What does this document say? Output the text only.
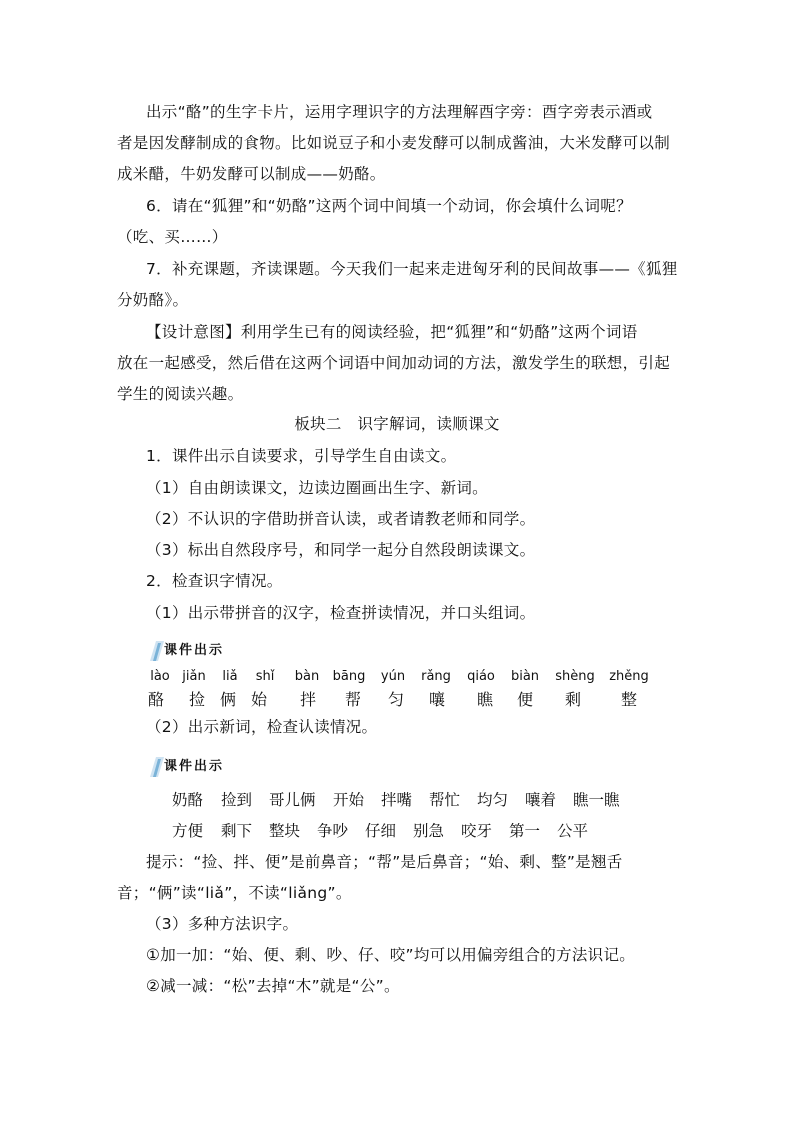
出示“酪”的生字卡片，运用字理识字的方法理解酉字旁：酉字旁表示酒或
者是因发酵制成的食物。比如说豆子和小麦发酵可以制成酱油，大米发酵可以制
成米醋，牛奶发酵可以制成——奶酪。
6．请在“狐狸”和“奶酪”这两个词中间填一个动词，你会填什么词呢？
（吃、买……）
7．补充课题，齐读课题。今天我们一起来走进匈牙利的民间故事——《狐狸
分奶酪》。
【设计意图】利用学生已有的阅读经验，把“狐狸”和“奶酪”这两个词语
放在一起感受，然后借在这两个词语中间加动词的方法，激发学生的联想，引起
学生的阅读兴趣。
板块二　识字解词，读顺课文
1．课件出示自读要求，引导学生自由读文。
（1）自由朗读课文，边读边圈画出生字、新词。
（2）不认识的字借助拼音认读，或者请教老师和同学。
（3）标出自然段序号，和同学一起分自然段朗读课文。
2．检查识字情况。
（1）出示带拼音的汉字，检查拼读情况，并口头组词。
课件出示
lào
酪
jiǎn
捡
liǎ
俩
shǐ
始
bàn
拌
bāng
帮
yún
匀
rǎng
嚷
qiáo
瞧
biàn
便
shèng
剩
zhěng
整
（2）出示新词，检查认读情况。
课件出示
奶酪 捡到 哥儿俩 开始 拌嘴 帮忙 均匀 嚷着 瞧一瞧
方便 剩下 整块 争吵 仔细 别急 咬牙 第一 公平
提示：“捡、拌、便”是前鼻音；“帮”是后鼻音；“始、剩、整”是翘舌
音；“俩”读“liǎ”，不读“liǎng”。
（3）多种方法识字。
①加一加：“始、便、剩、吵、仔、咬”均可以用偏旁组合的方法识记。
②减一减：“松”去掉“木”就是“公”。
